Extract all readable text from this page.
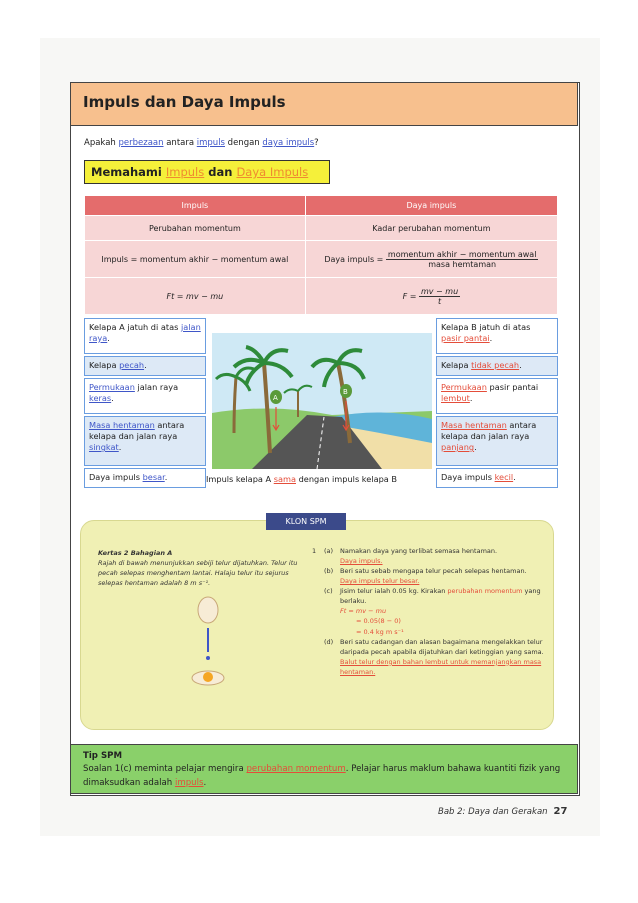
Impuls dan Daya Impuls
Apakah perbezaan antara impuls dengan daya impuls?
Memahami Impuls dan Daya Impuls
Impuls	Daya impuls
Perubahan momentum	Kadar perubahan momentum
Impuls = momentum akhir − momentum awal	Daya impuls = $\frac{\text{momentum akhir − momentum awal}}{\text{masa hemtaman}}$

Ft = mv − mu	$F = \frac{mv - mu}{t}$
Kelapa A jatuh di atas jalan raya.
Kelapa pecah.
Permukaan jalan raya keras.
Masa hentaman antara kelapa dan jalan raya singkat.
Daya impuls besar.
Kelapa B jatuh di atas pasir pantai.
Kelapa tidak pecah.
Permukaan pasir pantai lembut.
Masa hentaman antara kelapa dan jalan raya panjang.
Daya impuls kecil.
A
B
Impuls kelapa A sama dengan impuls kelapa B
KLON SPM
Kertas 2 Bahagian A
Rajah di bawah menunjukkan sebiji telur dijatuhkan. Telur itu pecah selepas menghentam lantai. Halaju telur itu sejurus selepas hentaman adalah 8 m s⁻¹.
1	(a)	Namakan daya yang terlibat semasa hentaman.
Daya impuls.
(b)	Beri satu sebab mengapa telur pecah selepas hentaman.
Daya impuls telur besar.
(c)	Jisim telur ialah 0.05 kg. Kirakan perubahan momentum yang berlaku.
Ft = mv − mu
= 0.05(8 − 0)
= 0.4 kg m s⁻¹
(d)	Beri satu cadangan dan alasan bagaimana mengelakkan telur daripada pecah apabila dijatuhkan dari ketinggian yang sama.
Balut telur dengan bahan lembut untuk memanjangkan masa hentaman.
Tip SPM
Soalan 1(c) meminta pelajar mengira perubahan momentum. Pelajar harus maklum bahawa kuantiti fizik yang dimaksudkan adalah impuls.
Bab 2: Daya dan Gerakan 27
